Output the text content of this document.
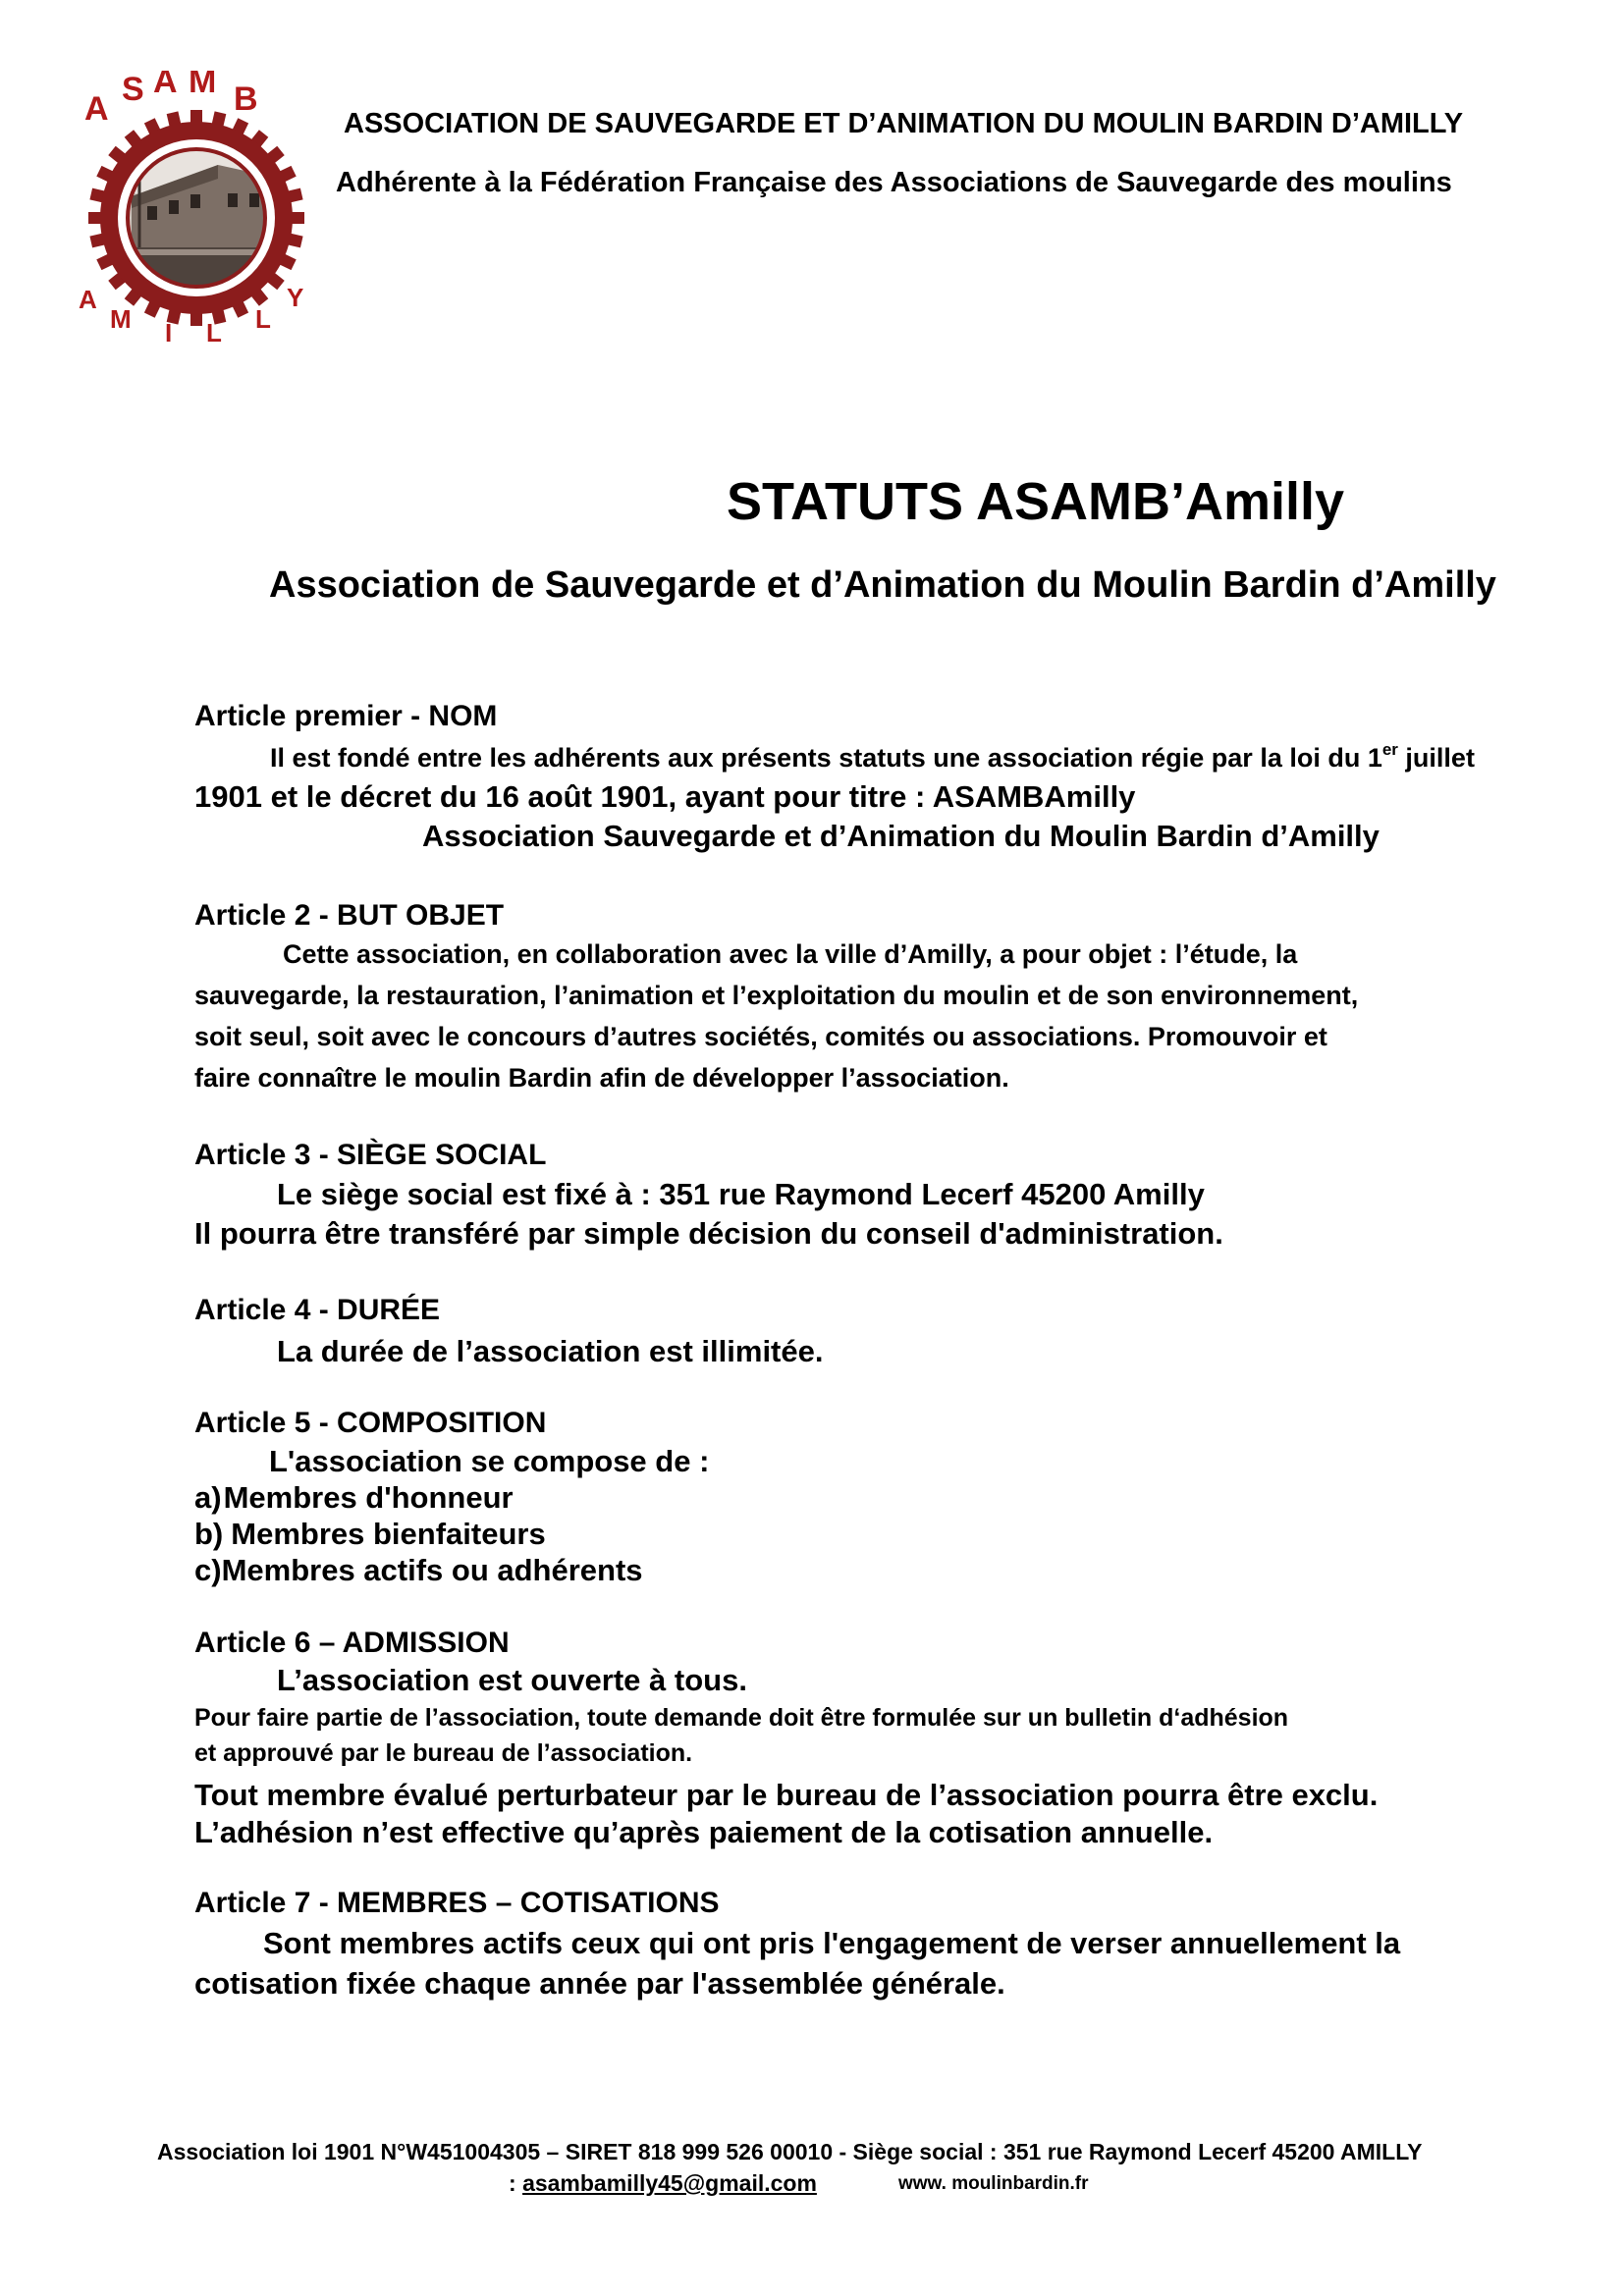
A
S A M B
A
M I L L
Y
ASSOCIATION DE SAUVEGARDE ET D’ANIMATION DU MOULIN BARDIN D’AMILLY
Adhérente à la Fédération Française des Associations de Sauvegarde des moulins
STATUTS ASAMB’Amilly
Association de Sauvegarde et d’Animation du Moulin Bardin d’Amilly
Article premier - NOM
Il est fondé entre les adhérents aux présents statuts une association régie par la loi du 1er juillet
1901 et le décret du 16 août 1901, ayant pour titre : ASAMBAmilly
Association Sauvegarde et d’Animation du Moulin Bardin d’Amilly
Article 2 - BUT OBJET
Cette association, en collaboration avec la ville d’Amilly, a pour objet : l’étude, la
sauvegarde, la restauration, l’animation et l’exploitation du moulin et de son environnement,
soit seul, soit avec le concours d’autres sociétés, comités ou associations. Promouvoir et
faire connaître le moulin Bardin afin de développer l’association.
Article 3 - SIÈGE SOCIAL
Le siège social est fixé à : 351 rue Raymond Lecerf 45200 Amilly
Il pourra être transféré par simple décision du conseil d'administration.
Article 4 - DURÉE
La durée de l’association est illimitée.
Article 5 - COMPOSITION
L'association se compose de :
a)Membres d'honneur
b) Membres bienfaiteurs
c)Membres actifs ou adhérents
Article 6 – ADMISSION
L’association est ouverte à tous.
Pour faire partie de l’association, toute demande doit être formulée sur un bulletin d‘adhésion
et approuvé par le bureau de l’association.
Tout membre évalué perturbateur par le bureau de l’association pourra être exclu.
L’adhésion n’est effective qu’après paiement de la cotisation annuelle.
Article 7 - MEMBRES – COTISATIONS
Sont membres actifs ceux qui ont pris l'engagement de verser annuellement la
cotisation fixée chaque année par l'assemblée générale.
Association loi 1901 N°W451004305 – SIRET 818 999 526 00010 - Siège social : 351 rue Raymond Lecerf 45200 AMILLY
: asambamilly45@gmail.com	www. moulinbardin.fr
